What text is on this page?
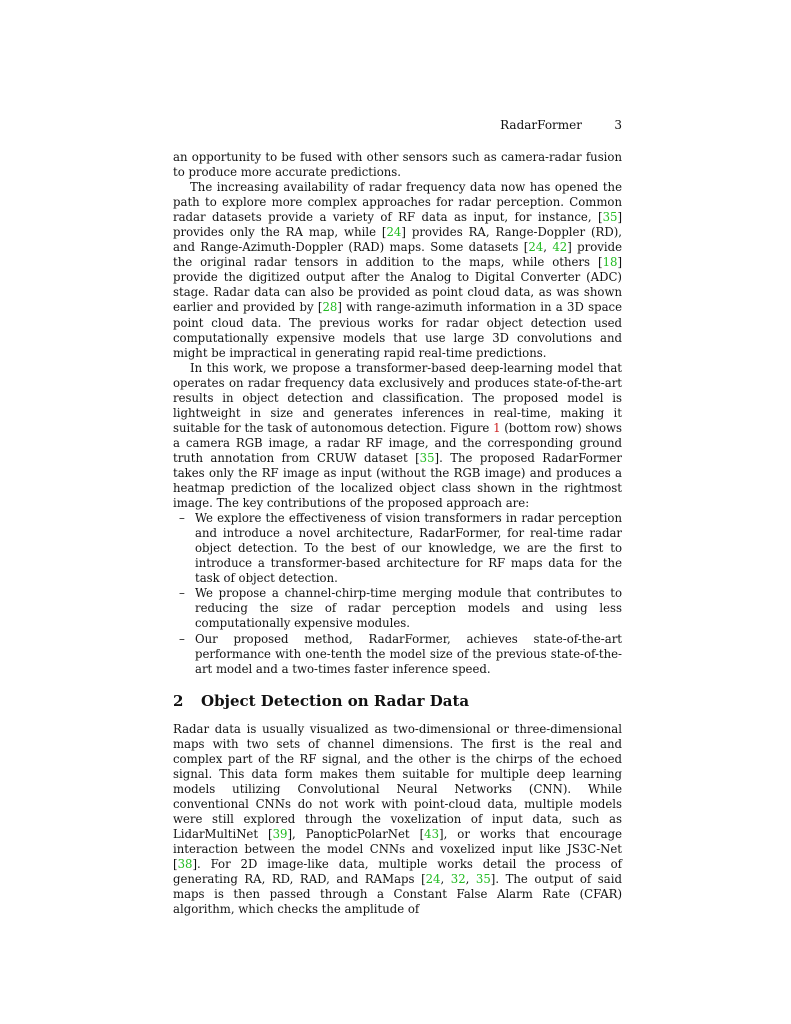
RadarFormer	3

an opportunity to be fused with other sensors such as camera-radar fusion to produce more accurate predictions.

The increasing availability of radar frequency data now has opened the path to explore more complex approaches for radar perception. Common radar datasets provide a variety of RF data as input, for instance, [35] provides only the RA map, while [24] provides RA, Range-Doppler (RD), and Range-Azimuth-Doppler (RAD) maps. Some datasets [24, 42] provide the original radar tensors in addition to the maps, while others [18] provide the digitized output after the Analog to Digital Converter (ADC) stage. Radar data can also be provided as point cloud data, as was shown earlier and provided by [28] with range-azimuth information in a 3D space point cloud data. The previous works for radar object detection used computationally expensive models that use large 3D convolutions and might be impractical in generating rapid real-time predictions.

In this work, we propose a transformer-based deep-learning model that operates on radar frequency data exclusively and produces state-of-the-art results in object detection and classification. The proposed model is lightweight in size and generates inferences in real-time, making it suitable for the task of autonomous detection. Figure 1 (bottom row) shows a camera RGB image, a radar RF image, and the corresponding ground truth annotation from CRUW dataset [35]. The proposed RadarFormer takes only the RF image as input (without the RGB image) and produces a heatmap prediction of the localized object class shown in the rightmost image. The key contributions of the proposed approach are:

– We explore the effectiveness of vision transformers in radar perception and introduce a novel architecture, RadarFormer, for real-time radar object detection. To the best of our knowledge, we are the first to introduce a transformer-based architecture for RF maps data for the task of object detection.
– We propose a channel-chirp-time merging module that contributes to reducing the size of radar perception models and using less computationally expensive modules.
– Our proposed method, RadarFormer, achieves state-of-the-art performance with one-tenth the model size of the previous state-of-the-art model and a two-times faster inference speed.
2 Object Detection on Radar Data

Radar data is usually visualized as two-dimensional or three-dimensional maps with two sets of channel dimensions. The first is the real and complex part of the RF signal, and the other is the chirps of the echoed signal. This data form makes them suitable for multiple deep learning models utilizing Convolutional Neural Networks (CNN). While conventional CNNs do not work with point-cloud data, multiple models were still explored through the voxelization of input data, such as LidarMultiNet [39], PanopticPolarNet [43], or works that encourage interaction between the model CNNs and voxelized input like JS3C-Net [38]. For 2D image-like data, multiple works detail the process of generating RA, RD, RAD, and RAMaps [24, 32, 35]. The output of said maps is then passed through a Constant False Alarm Rate (CFAR) algorithm, which checks the amplitude of
